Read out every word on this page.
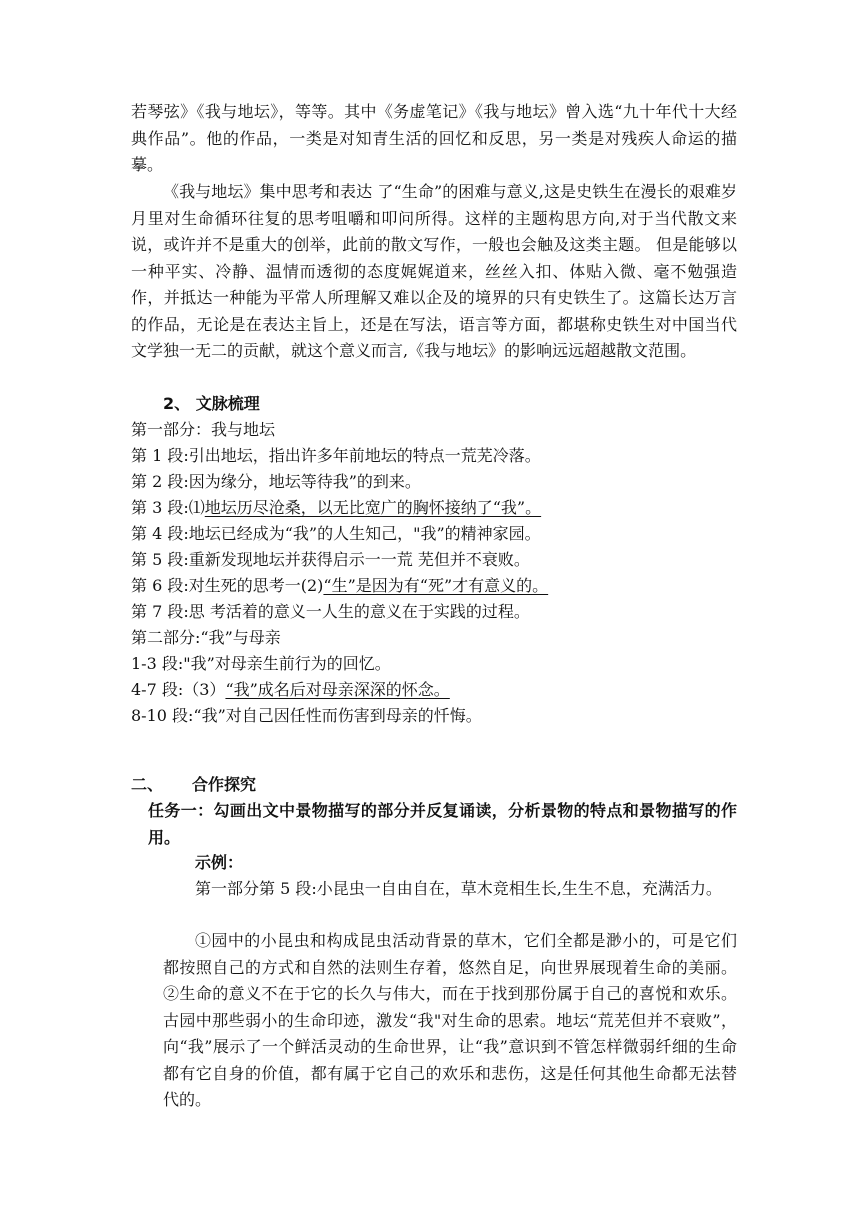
若琴弦》《我与地坛》，等等。其中《务虚笔记》《我与地坛》曾入选“九十年代十大经典作品”。他的作品，一类是对知青生活的回忆和反思，另一类是对残疾人命运的描摹。
《我与地坛》集中思考和表达 了“生命”的困难与意义,这是史铁生在漫长的艰难岁月里对生命循环往复的思考咀嚼和叩问所得。这样的主题构思方向,对于当代散文来说，或许并不是重大的创举，此前的散文写作，一般也会触及这类主题。 但是能够以一种平实、冷静、温情而透彻的态度娓娓道来，丝丝入扣、体贴入微、毫不勉强造作，并抵达一种能为平常人所理解又难以企及的境界的只有史铁生了。这篇长达万言的作品，无论是在表达主旨上，还是在写法，语言等方面，都堪称史铁生对中国当代文学独一无二的贡献，就这个意义而言,《我与地坛》的影响远远超越散文范围。
2、 文脉梳理
第一部分：我与地坛
第 1 段:引出地坛，指出许多年前地坛的特点一荒芜冷落。
第 2 段:因为缘分，地坛等待我”的到来。
第 3 段:⑴地坛历尽沧桑，以无比宽广的胸怀接纳了“我”。
第 4 段:地坛已经成为“我”的人生知己，"我”的精神家园。
第 5 段:重新发现地坛并获得启示一一荒 芜但并不衰败。
第 6 段:对生死的思考一(2)“生”是因为有“死”才有意义的。
第 7 段:思 考活着的意义一人生的意义在于实践的过程。
第二部分:“我”与母亲
1-3 段:"我”对母亲生前行为的回忆。
4-7 段:（3）“我”成名后对母亲深深的怀念。
8-10 段:“我”对自己因任性而伤害到母亲的忏悔。
二、 合作探究
任务一：勾画出文中景物描写的部分并反复诵读，分析景物的特点和景物描写的作用。
示例：
第一部分第 5 段:小昆虫一自由自在，草木竞相生长,生生不息，充满活力。
①园中的小昆虫和构成昆虫活动背景的草木，它们全都是渺小的，可是它们都按照自己的方式和自然的法则生存着，悠然自足，向世界展现着生命的美丽。②生命的意义不在于它的长久与伟大，而在于找到那份属于自己的喜悦和欢乐。古园中那些弱小的生命印迹，激发“我"对生命的思索。地坛“荒芜但并不衰败”，向“我”展示了一个鲜活灵动的生命世界，让“我”意识到不管怎样微弱纤细的生命都有它自身的价值，都有属于它自己的欢乐和悲伤，这是任何其他生命都无法替代的。
